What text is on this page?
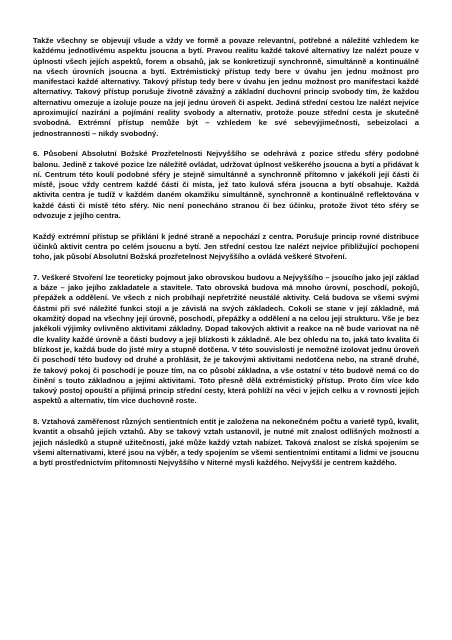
Takže všechny se objevují všude a vždy ve formě a povaze relevantní, potřebné a náležité vzhledem ke každému jednotlivému aspektu jsoucna a bytí. Pravou realitu každé takové alternativy lze nalézt pouze v úplnosti všech jejích aspektů, forem a obsahů, jak se konkretizují synchronně, simultánně a kontinuálně na všech úrovních jsoucna a bytí. Extrémistický přístup tedy bere v úvahu jen jednu možnost pro manifestaci každé alternativy. Takový přístup tedy bere v úvahu jen jednu možnost pro manifestaci každé alternativy. Takový přístup porušuje životně závažný a základní duchovní princip svobody tím, že každou alternativu omezuje a izoluje pouze na její jednu úroveň či aspekt. Jediná střední cestou lze nalézt nejvíce aproximující nazírání a pojímání reality svobody a alternativ, protože pouze střední cesta je skutečně svobodná. Extrémní přístup nemůže být – vzhledem ke své sebevýjimečnosti, sebeizolaci a jednostrannosti – nikdy svobodný.

6. Působení Absolutní Božské Prozřetelnosti Nejvyššího se odehrává z pozice středu sféry podobné balonu. Jedině z takové pozice lze náležitě ovládat, udržovat úplnost veškerého jsoucna a bytí a přidávat k ní. Centrum této koulí podobné sféry je stejně simultánně a synchronně přítomno v jakékoli její části či místě, jsouc vždy centrem každé části či místa, jež tato kulová sféra jsoucna a bytí obsahuje. Každá aktivita centra je tudíž v každém daném okamžiku simultánně, synchronně a kontinuálně reflektována v každé části či místě této sféry. Nic není ponecháno stranou či bez účinku, protože život této sféry se odvozuje z jejího centra.

Každý extrémní přístup se přiklání k jedné straně a nepochází z centra. Porušuje princip rovné distribuce účinků aktivit centra po celém jsoucnu a bytí. Jen střední cestou lze nalézt nejvíce přibližující pochopení toho, jak působí Absolutní Božská prozřetelnost Nejvyššího a ovládá veškeré Stvoření.

7. Veškeré Stvoření lze teoreticky pojmout jako obrovskou budovu a Nejvyššího – jsoucího jako její základ a báze – jako jejího zakladatele a stavitele. Tato obrovská budova má mnoho úrovní, poschodí, pokojů, přepážek a oddělení. Ve všech z nich probíhají nepřetržité neustálé aktivity. Celá budova se všemi svými částmi při své náležité funkci stojí a je závislá na svých základech. Cokoli se stane v její základně, má okamžitý dopad na všechny její úrovně, poschodí, přepážky a oddělení a na celou její strukturu. Vše je bez jakékoli výjimky ovlivněno aktivitami základny. Dopad takových aktivit a reakce na ně bude variovat na ně dle kvality každé úrovně a části budovy a její blízkosti k základně. Ale bez ohledu na to, jaká tato kvalita či blízkost je, každá bude do jisté míry a stupně dotčena. V této souvislosti je nemožné izolovat jednu úroveň či poschodí této budovy od druhé a prohlásit, že je takovými aktivitami nedotčena nebo, na straně druhé, že takový pokoj či poschodí je pouze tím, na co působí základna, a vše ostatní v této budově nemá co do činění s touto základnou a jejími aktivitami. Toto přesně dělá extrémistický přístup. Proto čím více kdo takový postoj opouští a přijímá princip střední cesty, která pohlíží na věci v jejich celku a v rovnosti jejích aspektů a alternativ, tím více duchovně roste.

8. Vztahová zaměřenost různých sentientních entit je založena na nekonečném počtu a varietě typů, kvalit, kvantit a obsahů jejich vztahů. Aby se takový vztah ustanovil, je nutné mít znalost odlišných možností a jejich následků a stupně užitečnosti, jaké může každý vztah nabízet. Taková znalost se získá spojením se všemi alternativami, které jsou na výběr, a tedy spojením se všemi sentientními entitami a lidmi ve jsoucnu a bytí prostřednictvím přítomnosti Nejvyššího v Niterné mysli každého. Nejvyšší je centrem každého.
